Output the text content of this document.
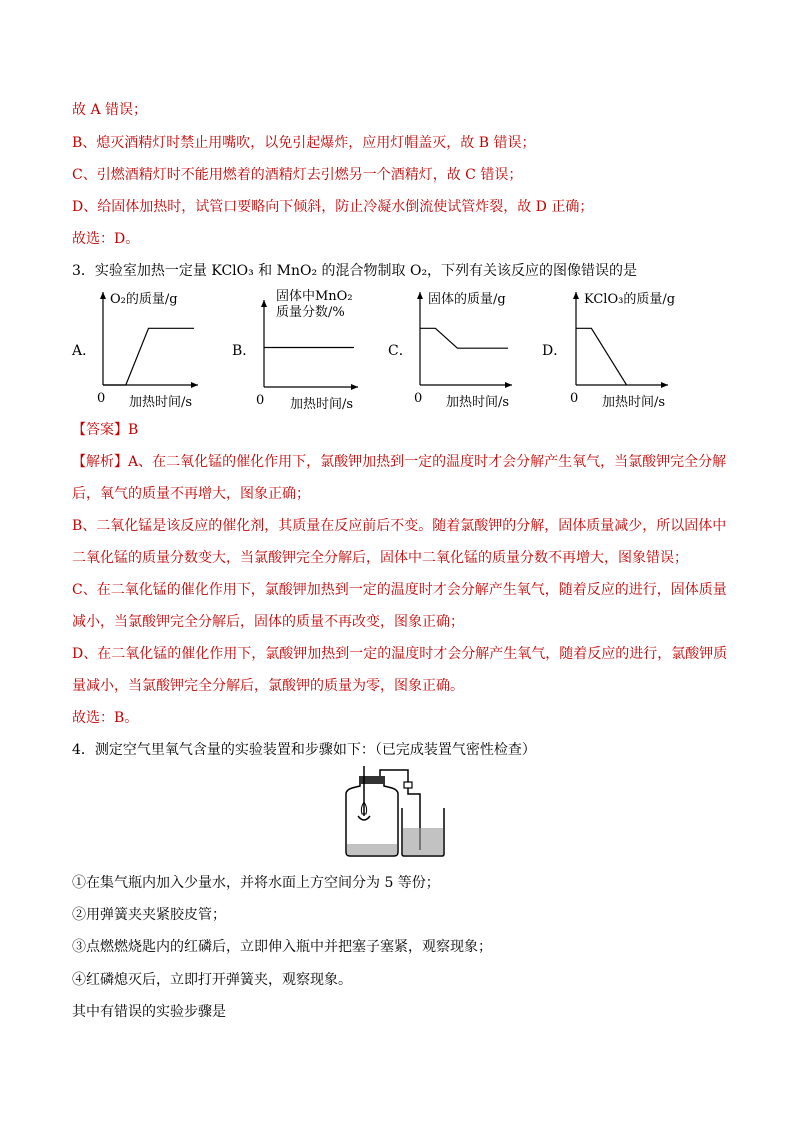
故 A 错误；
B、熄灭酒精灯时禁止用嘴吹，以免引起爆炸，应用灯帽盖灭，故 B 错误；
C、引燃酒精灯时不能用燃着的酒精灯去引燃另一个酒精灯，故 C 错误；
D、给固体加热时，试管口要略向下倾斜，防止冷凝水倒流使试管炸裂，故 D 正确；
故选：D。
3．实验室加热一定量 KClO₃ 和 MnO₂ 的混合物制取 O₂，下列有关该反应的图像错误的是
A．
O₂的质量/g
0 加热时间/s
B．
固体中MnO₂
质量分数/%
0 加热时间/s
C．
固体的质量/g
0 加热时间/s
D．
KClO₃的质量/g
0 加热时间/s
【答案】B
【解析】A、在二氧化锰的催化作用下，氯酸钾加热到一定的温度时才会分解产生氧气，当氯酸钾完全分解
后，氧气的质量不再增大，图象正确；
B、二氧化锰是该反应的催化剂，其质量在反应前后不变。随着氯酸钾的分解，固体质量减少，所以固体中
二氧化锰的质量分数变大，当氯酸钾完全分解后，固体中二氧化锰的质量分数不再增大，图象错误；
C、在二氧化锰的催化作用下，氯酸钾加热到一定的温度时才会分解产生氧气，随着反应的进行，固体质量
减小，当氯酸钾完全分解后，固体的质量不再改变，图象正确；
D、在二氧化锰的催化作用下，氯酸钾加热到一定的温度时才会分解产生氧气，随着反应的进行，氯酸钾质
量减小，当氯酸钾完全分解后，氯酸钾的质量为零，图象正确。
故选：B。
4．测定空气里氧气含量的实验装置和步骤如下：（已完成装置气密性检查）
①在集气瓶内加入少量水，并将水面上方空间分为 5 等份；
②用弹簧夹夹紧胶皮管；
③点燃燃烧匙内的红磷后，立即伸入瓶中并把塞子塞紧，观察现象；
④红磷熄灭后，立即打开弹簧夹，观察现象。
其中有错误的实验步骤是
